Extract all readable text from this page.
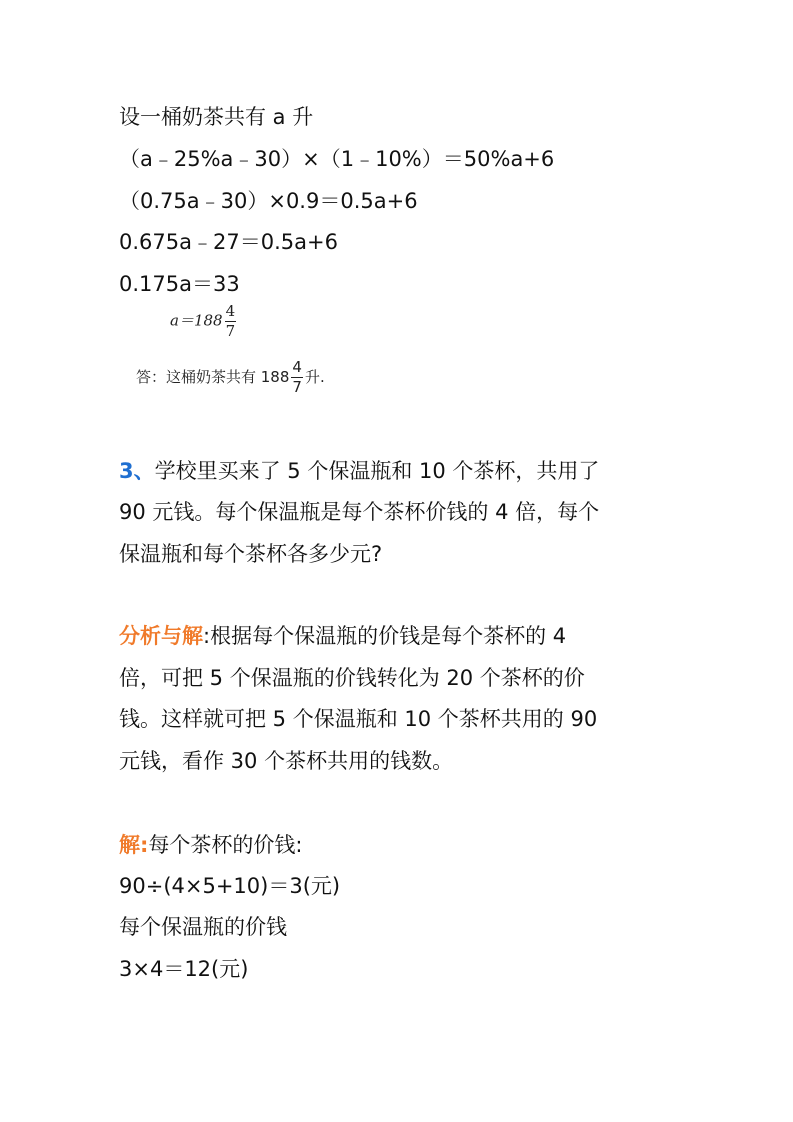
设一桶奶茶共有 a 升

（a﹣25%a﹣30）×（1﹣10%）＝50%a+6

（0.75a﹣30）×0.9＝0.5a+6

0.675a﹣27＝0.5a+6

0.175a＝33

$a=188 \frac{4}{7}$
答：这桶奶茶共有 $188 \frac{4}{7}$ 升.

3、学校里买来了 5 个保温瓶和 10 个茶杯，共用了

90 元钱。每个保温瓶是每个茶杯价钱的 4 倍，每个

保温瓶和每个茶杯各多少元?

分析与解:根据每个保温瓶的价钱是每个茶杯的 4

倍，可把 5 个保温瓶的价钱转化为 20 个茶杯的价

钱。这样就可把 5 个保温瓶和 10 个茶杯共用的 90

元钱，看作 30 个茶杯共用的钱数。

解:每个茶杯的价钱:

90÷(4×5+10)＝3(元)

每个保温瓶的价钱

3×4＝12(元)
